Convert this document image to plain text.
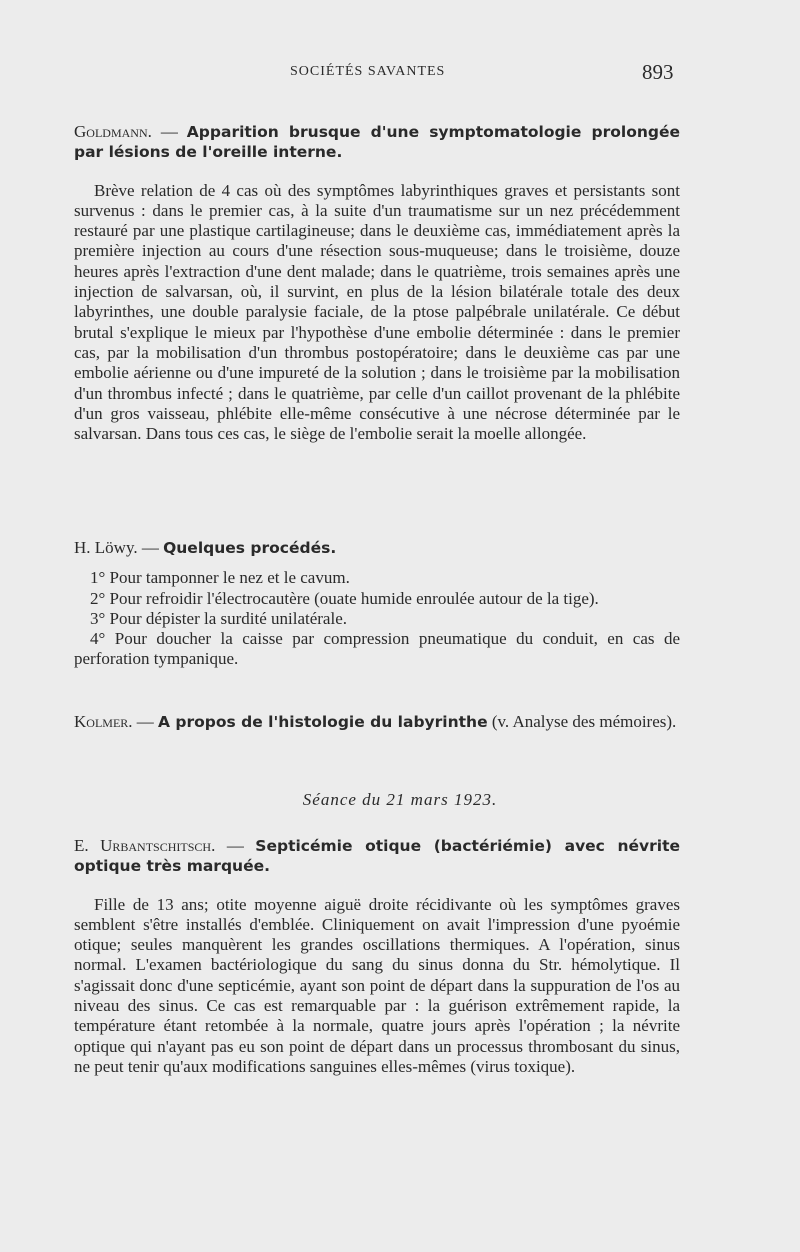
SOCIÉTÉS SAVANTES	893

Goldmann. — Apparition brusque d'une symptomatologie prolongée par lésions de l'oreille interne.

Brève relation de 4 cas où des symptômes labyrinthiques graves et persistants sont survenus : dans le premier cas, à la suite d'un traumatisme sur un nez précédemment restauré par une plastique cartilagineuse; dans le deuxième cas, immédiatement après la première injection au cours d'une résection sous-muqueuse; dans le troisième, douze heures après l'extraction d'une dent malade; dans le quatrième, trois semaines après une injection de salvarsan, où, il survint, en plus de la lésion bilatérale totale des deux labyrinthes, une double paralysie faciale, de la ptose palpébrale unilatérale. Ce début brutal s'explique le mieux par l'hypothèse d'une embolie déterminée : dans le premier cas, par la mobilisation d'un thrombus postopératoire; dans le deuxième cas par une embolie aérienne ou d'une impureté de la solution ; dans le troisième par la mobilisation d'un thrombus infecté ; dans le quatrième, par celle d'un caillot provenant de la phlébite d'un gros vaisseau, phlébite elle-même consécutive à une nécrose déterminée par le salvarsan. Dans tous ces cas, le siège de l'embolie serait la moelle allongée.

H. Löwy. — Quelques procédés.

1° Pour tamponner le nez et le cavum.

2° Pour refroidir l'électrocautère (ouate humide enroulée autour de la tige).

3° Pour dépister la surdité unilatérale.

4° Pour doucher la caisse par compression pneumatique du conduit, en cas de perforation tympanique.

Kolmer. — A propos de l'histologie du labyrinthe (v. Analyse des mémoires).

Séance du 21 mars 1923.

E. Urbantschitsch. — Septicémie otique (bactériémie) avec névrite optique très marquée.

Fille de 13 ans; otite moyenne aiguë droite récidivante où les symptômes graves semblent s'être installés d'emblée. Cliniquement on avait l'impression d'une pyoémie otique; seules manquèrent les grandes oscillations thermiques. A l'opération, sinus normal. L'examen bactériologique du sang du sinus donna du Str. hémolytique. Il s'agissait donc d'une septicémie, ayant son point de départ dans la suppuration de l'os au niveau des sinus. Ce cas est remarquable par : la guérison extrêmement rapide, la température étant retombée à la normale, quatre jours après l'opération ; la névrite optique qui n'ayant pas eu son point de départ dans un processus thrombosant du sinus, ne peut tenir qu'aux modifications sanguines elles-mêmes (virus toxique).
